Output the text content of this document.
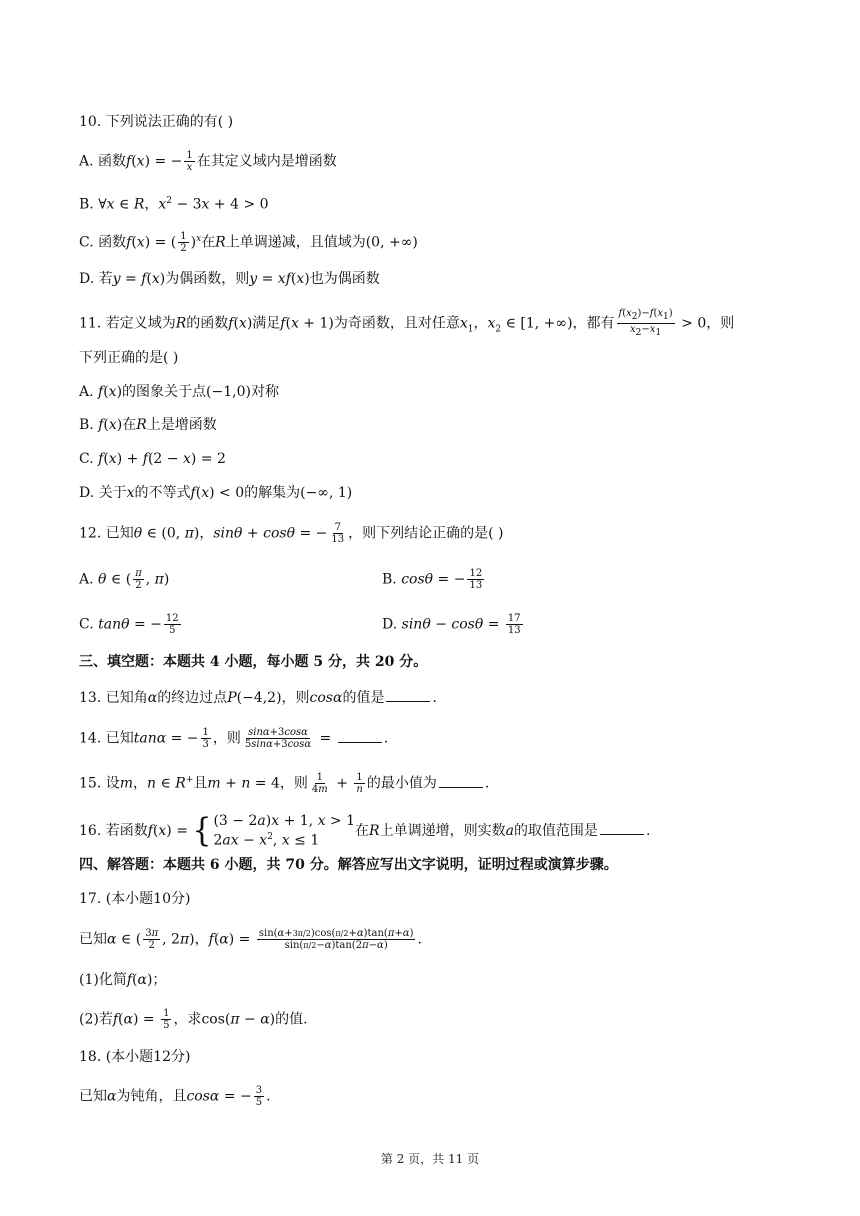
10. 下列说法正确的有( )
A. 函数f(x) = − $\frac{1}{x}$ 在其定义域内是增函数
B. ∀x ∈ R，$x^2 - 3x + 4 > 0$
C. 函数f(x) = ( $\frac{1}{2} )^x$在R上单调递减，且值域为(0, +∞)
D. 若y = f(x)为偶函数，则y = xf(x)也为偶函数
11. 若定义域为R的函数f(x)满足f(x + 1)为奇函数，且对任意$x_1$，$x_2$ ∈ [1, +∞)，都有 $\frac{f(x_2)-f(x_1)}{x_2-x_1} > 0$，则
下列正确的是( )
A. f(x)的图象关于点(−1,0)对称
B. f(x)在R上是增函数
C. f(x) + f(2 − x) = 2
D. 关于x的不等式f(x) < 0的解集为(−∞, 1)
12. 已知θ ∈ (0, π)，sinθ + cosθ = − $\frac{7}{13}$ ，则下列结论正确的是( )
A. θ ∈ ( $\frac{\pi}{2}$ , π)	B. cosθ = − $\frac{12}{13}$
C. tanθ = − $\frac{12}{5}$	D. $\sin\theta - \cos\theta = \frac{17}{13}$
三、填空题：本题共 4 小题，每小题 5 分，共 20 分。
13. 已知角α的终边过点P(−4,2)，则cosα的值是	.
14. 已知tanα = − $\frac{1}{3}$ ，则 $\frac{\sin\alpha+3\cos\alpha}{5\sin\alpha+3\cos\alpha}$ =	.
15. 设m，n ∈ R+且m + n = 4，则 $\frac{1}{4m} + \frac{1}{n}$ 的最小值为	.
16. 若函数f(x) = { (3 − 2a)x + 1, x > 1
$2ax - x^2$, x ≤ 1
在R上单调递增，则实数a的取值范围是	.
四、解答题：本题共 6 小题，共 70 分。解答应写出文字说明，证明过程或演算步骤。
17. (本小题10分)
已知α ∈ ( $\frac{3\pi}{2}$ , 2π)，$f(\alpha) = \frac{\sin(\alpha+3\pi/2)\cos(\pi/2+\alpha)\tan(\pi+\alpha)}{\sin(\pi/2-\alpha)\tan(2\pi-\alpha)}$ .
(1)化简f(α)；
(2)若$f(\alpha) = \frac{1}{5}$ ，求cos(π − α)的值.
18. (本小题12分)
已知α为钝角，且cosα = − $\frac{3}{5}$ .
第 2 页，共 11 页
